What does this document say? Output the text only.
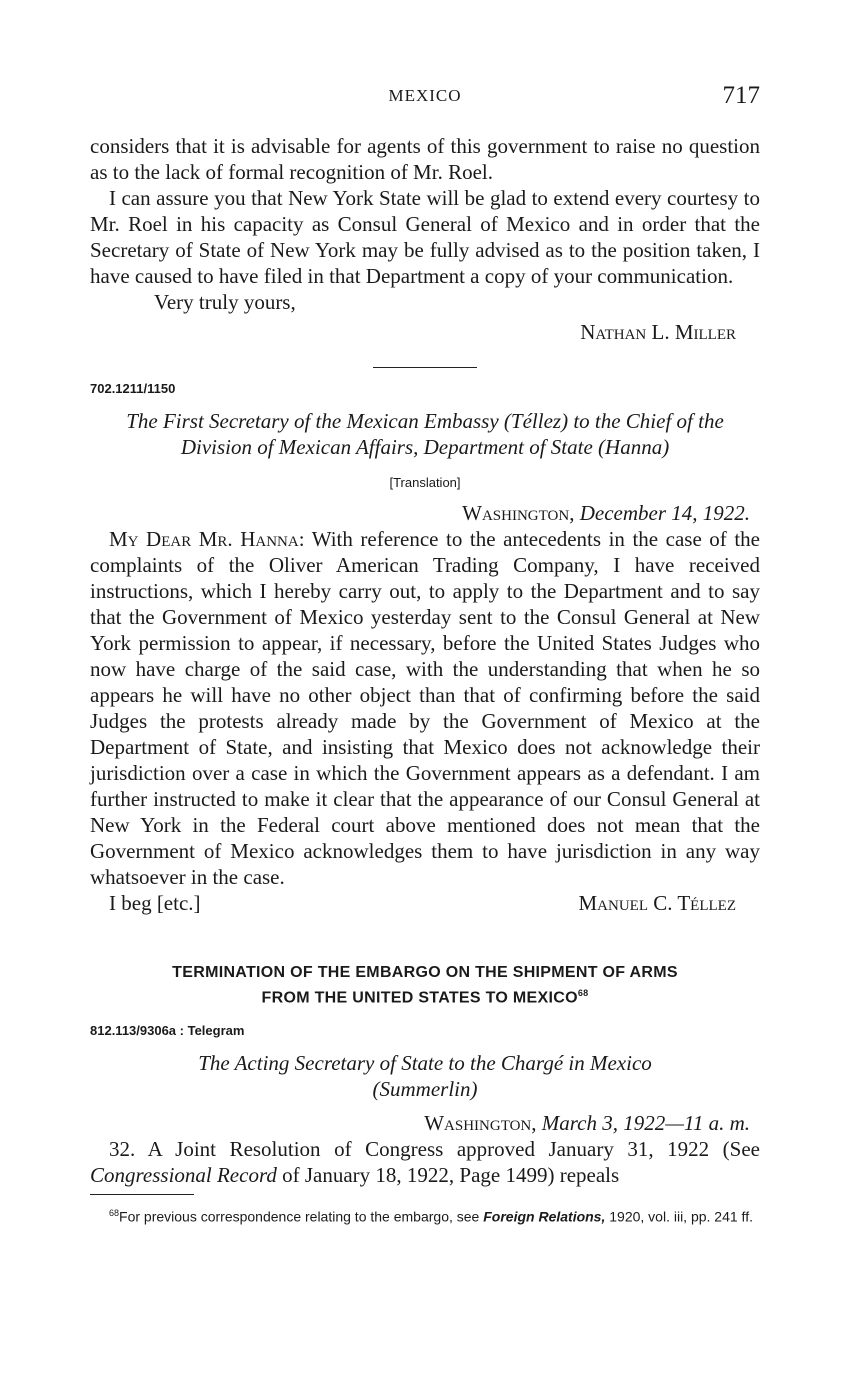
MEXICO	717

considers that it is advisable for agents of this government to raise no question as to the lack of formal recognition of Mr. Roel.

I can assure you that New York State will be glad to extend every courtesy to Mr. Roel in his capacity as Consul General of Mexico and in order that the Secretary of State of New York may be fully advised as to the position taken, I have caused to have filed in that Department a copy of your communication.

Very truly yours,

Nathan L. Miller

702.1211/1150
The First Secretary of the Mexican Embassy (Téllez) to the Chief of the Division of Mexican Affairs, Department of State (Hanna)
[Translation]

Washington, December 14, 1922.

My Dear Mr. Hanna: With reference to the antecedents in the case of the complaints of the Oliver American Trading Company, I have received instructions, which I hereby carry out, to apply to the Department and to say that the Government of Mexico yesterday sent to the Consul General at New York permission to appear, if necessary, before the United States Judges who now have charge of the said case, with the understanding that when he so appears he will have no other object than that of confirming before the said Judges the protests already made by the Government of Mexico at the Department of State, and insisting that Mexico does not acknowledge their jurisdiction over a case in which the Government appears as a defendant. I am further instructed to make it clear that the appearance of our Consul General at New York in the Federal court above mentioned does not mean that the Government of Mexico acknowledges them to have jurisdiction in any way whatsoever in the case.

I beg [etc.]	Manuel C. Téllez
TERMINATION OF THE EMBARGO ON THE SHIPMENT OF ARMS
FROM THE UNITED STATES TO MEXICO$^{68}$
812.113/9306a : Telegram
The Acting Secretary of State to the Chargé in Mexico
(Summerlin)

Washington, March 3, 1922—11 a. m.

32. A Joint Resolution of Congress approved January 31, 1922 (See Congressional Record of January 18, 1922, Page 1499) repeals

$^{68}$For previous correspondence relating to the embargo, see Foreign Relations, 1920, vol. iii, pp. 241 ff.
